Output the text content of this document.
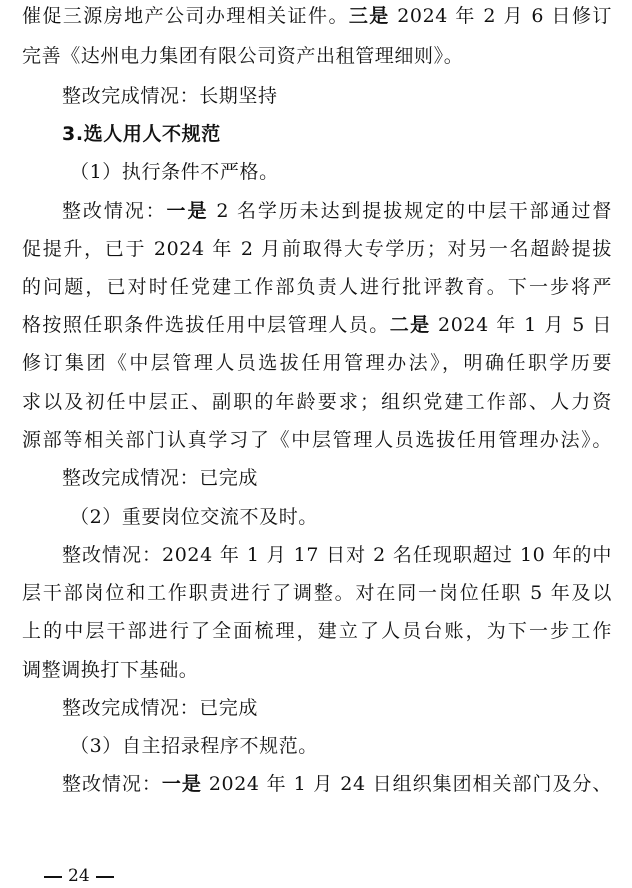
催促三源房地产公司办理相关证件。三是 2024 年 2 月 6 日修订
完善《达州电力集团有限公司资产出租管理细则》。
整改完成情况：长期坚持
3.选人用人不规范
（1）执行条件不严格。
整改情况：一是 2 名学历未达到提拔规定的中层干部通过督
促提升，已于 2024 年 2 月前取得大专学历；对另一名超龄提拔
的问题，已对时任党建工作部负责人进行批评教育。下一步将严
格按照任职条件选拔任用中层管理人员。二是 2024 年 1 月 5 日
修订集团《中层管理人员选拔任用管理办法》，明确任职学历要
求以及初任中层正、副职的年龄要求；组织党建工作部、人力资
源部等相关部门认真学习了《中层管理人员选拔任用管理办法》。
整改完成情况：已完成
（2）重要岗位交流不及时。
整改情况：2024 年 1 月 17 日对 2 名任现职超过 10 年的中
层干部岗位和工作职责进行了调整。对在同一岗位任职 5 年及以
上的中层干部进行了全面梳理，建立了人员台账，为下一步工作
调整调换打下基础。
整改完成情况：已完成
（3）自主招录程序不规范。
整改情况：一是 2024 年 1 月 24 日组织集团相关部门及分、
24
